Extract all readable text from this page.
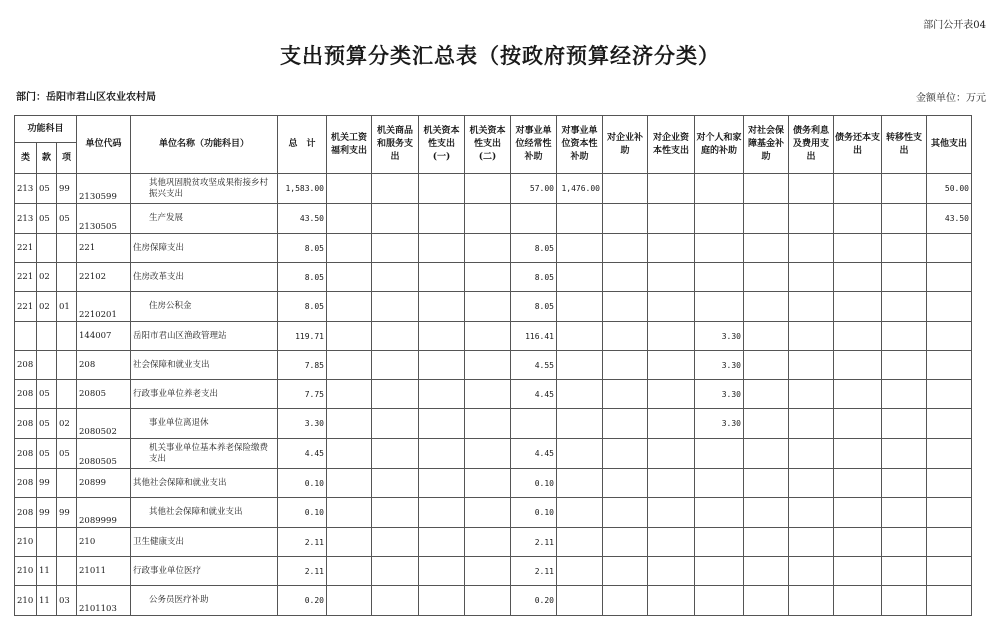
部门公开表04
支出预算分类汇总表（按政府预算经济分类）
部门：岳阳市君山区农业农村局	金额单位：万元
功能科目			单位代码	单位名称（功能科目）	总　计	机关工资福利支出	机关商品和服务支出	机关资本性支出(一)	机关资本性支出(二)	对事业单位经常性补助	对事业单位资本性补助	对企业补助	对企业资本性支出	对个人和家庭的补助	对社会保障基金补助	债务利息及费用支出	债务还本支出	转移性支出	其他支出
类	款	项																	
213	05	99	2130599	其他巩固脱贫攻坚成果衔接乡村振兴支出	1,583.00					57.00	1,476.00								50.00
213	05	05	2130505	生产发展	43.50														43.50
221			221	住房保障支出	8.05					8.05									
221	02		22102	住房改革支出	8.05					8.05									
221	02	01	2210201	住房公积金	8.05					8.05									
			144007	岳阳市君山区渔政管理站	119.71					116.41				3.30					
208			208	社会保障和就业支出	7.85					4.55				3.30					
208	05		20805	行政事业单位养老支出	7.75					4.45				3.30					
208	05	02	2080502	事业单位离退休	3.30									3.30					
208	05	05	2080505	机关事业单位基本养老保险缴费支出	4.45					4.45									
208	99		20899	其他社会保障和就业支出	0.10					0.10									
208	99	99	2089999	其他社会保障和就业支出	0.10					0.10									
210			210	卫生健康支出	2.11					2.11									
210	11		21011	行政事业单位医疗	2.11					2.11									
210	11	03	2101103	公务员医疗补助	0.20					0.20									
